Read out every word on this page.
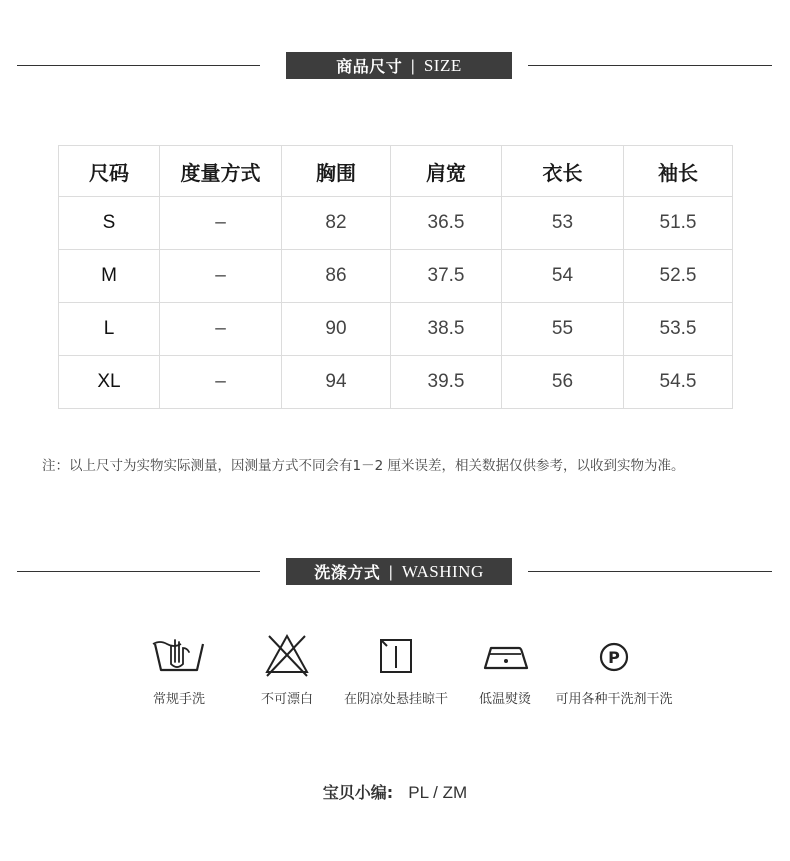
商品尺寸 | SIZE
尺码	度量方式	胸围	肩宽	衣长	袖长
S	–	82	36.5	53	51.5
M	–	86	37.5	54	52.5
L	–	90	38.5	55	53.5
XL	–	94	39.5	56	54.5
注：以上尺寸为实物实际测量，因测量方式不同会有1－2 厘米误差，相关数据仅供参考，以收到实物为准。
洗涤方式 | WASHING
常规手洗	不可漂白	在阴凉处悬挂晾干	低温熨烫
P
可用各种干洗剂干洗
宝贝小编: PL / ZM
